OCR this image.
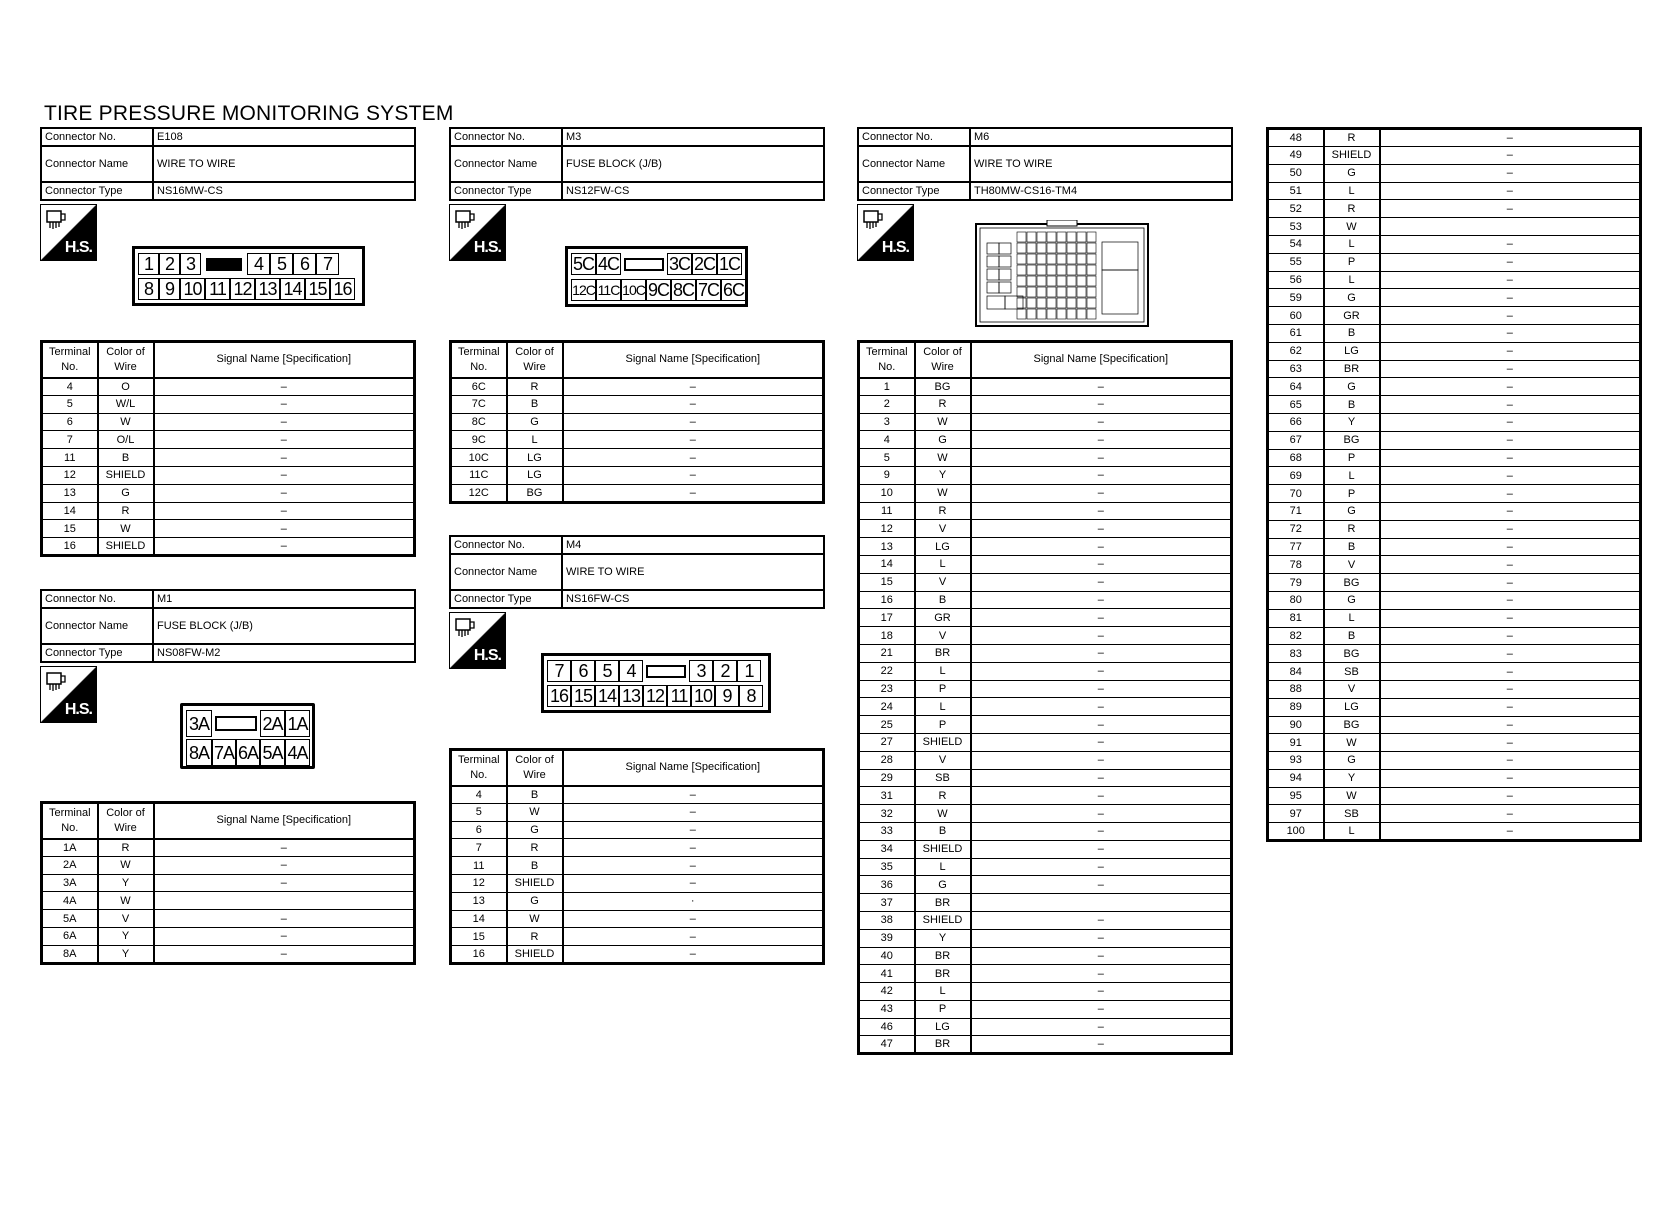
TIRE PRESSURE MONITORING SYSTEM
Connector No.	E108
Connector Name	WIRE TO WIRE
Connector Type	NS16MW-CS
H.S.
1 2 3	4 5 6 7
8 9 10 11 12 13 14 15 16
Terminal No.	Color of Wire	Signal Name [Specification]
4	O	–
5	W/L	–
6	W	–
7	O/L	–
11	B	–
12	SHIELD	–
13	G	–
14	R	–
15	W	–
16	SHIELD	–
Connector No.	M1
Connector Name	FUSE BLOCK (J/B)
Connector Type	NS08FW-M2
H.S.
3A	2A 1A
8A 7A 6A 5A 4A
Terminal No.	Color of Wire	Signal Name [Specification]
1A	R	–
2A	W	–
3A	Y	–
4A	W	
5A	V	–
6A	Y	–
8A	Y	–
Connector No.	M3
Connector Name	FUSE BLOCK (J/B)
Connector Type	NS12FW-CS
H.S.
5C 4C	3C 2C 1C
12C 11C 10C 9C 8C 7C 6C
Terminal No.	Color of Wire	Signal Name [Specification]
6C	R	–
7C	B	–
8C	G	–
9C	L	–
10C	LG	–
11C	LG	–
12C	BG	–
Connector No.	M4
Connector Name	WIRE TO WIRE
Connector Type	NS16FW-CS
H.S.
7 6 5 4	3 2 1
16 15 14 13 12 11 10 9 8
Terminal No.	Color of Wire	Signal Name [Specification]
4	B	–
5	W	–
6	G	–
7	R	–
11	B	–
12	SHIELD	–
13	G	·
14	W	–
15	R	–
16	SHIELD	–
Connector No.	M6
Connector Name	WIRE TO WIRE
Connector Type	TH80MW-CS16-TM4
H.S.
Terminal No.	Color of Wire	Signal Name [Specification]
1	BG	–
2	R	–
3	W	–
4	G	–
5	W	–
9	Y	–
10	W	–
11	R	–
12	V	–
13	LG	–
14	L	–
15	V	–
16	B	–
17	GR	–
18	V	–
21	BR	–
22	L	–
23	P	–
24	L	–
25	P	–
27	SHIELD	–
28	V	–
29	SB	–
31	R	–
32	W	–
33	B	–
34	SHIELD	–
35	L	–
36	G	–
37	BR	
38	SHIELD	–
39	Y	–
40	BR	–
41	BR	–
42	L	–
43	P	–
46	LG	–
47	BR	–
48	R	–
49	SHIELD	–
50	G	–
51	L	–
52	R	–
53	W	
54	L	–
55	P	–
56	L	–
59	G	–
60	GR	–
61	B	–
62	LG	–
63	BR	–
64	G	–
65	B	–
66	Y	–
67	BG	–
68	P	–
69	L	–
70	P	–
71	G	–
72	R	–
77	B	–
78	V	–
79	BG	–
80	G	–
81	L	–
82	B	–
83	BG	–
84	SB	–
88	V	–
89	LG	–
90	BG	–
91	W	–
93	G	–
94	Y	–
95	W	–
97	SB	–
100	L	–
